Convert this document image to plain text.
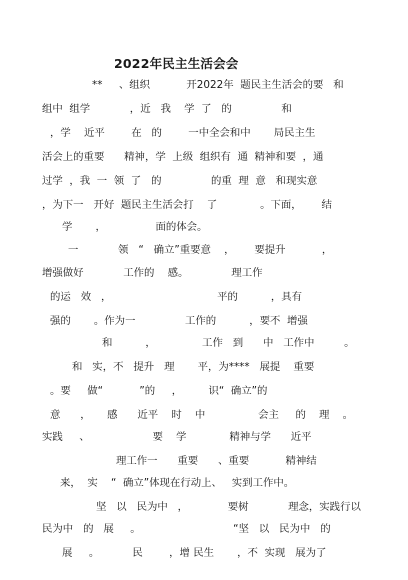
2022年民主生活会会
**     、组织           开2022年  题民主生活会的要   和
组中  组学            ，近   我    学  了   的               和
，学    近平        在   的        一中全会和中       局民主生
活会上的重要      精神，学  上级  组织有  通  精神和要  ，通
过学  ，我  一  领  了   的               的重  理  意   和现实意
，为下一   开好  题民主生活会打    了             。下面，      结
学       ，               面的体会。
一            领   “   确立”重要意    ，      要提升           ，
增强做好            工作的    感。             理工作
的运   效   ，                                平的          ，具有
强的       。作为一               工作的          ，要不  增强
和          ，              工作   到      中   工作中         。
和   实，不   提升   理       平，为****   展提    重要
。要     做“           ”的     ，        识“  确立”的
意      ，     感      近平    时    中                会主     的    理    。
实践     、                   要    学             精神与学      近平
理工作一      重要      、重要           精神结
来，  实    “  确立”体现在行动上、   实到工作中。
坚   以   民为中   ，            要树            理念，实践行以
民为中   的   展     。                            “坚   以   民为中   的
展     。          民        ，增 民生       ，不  实现   展为了
